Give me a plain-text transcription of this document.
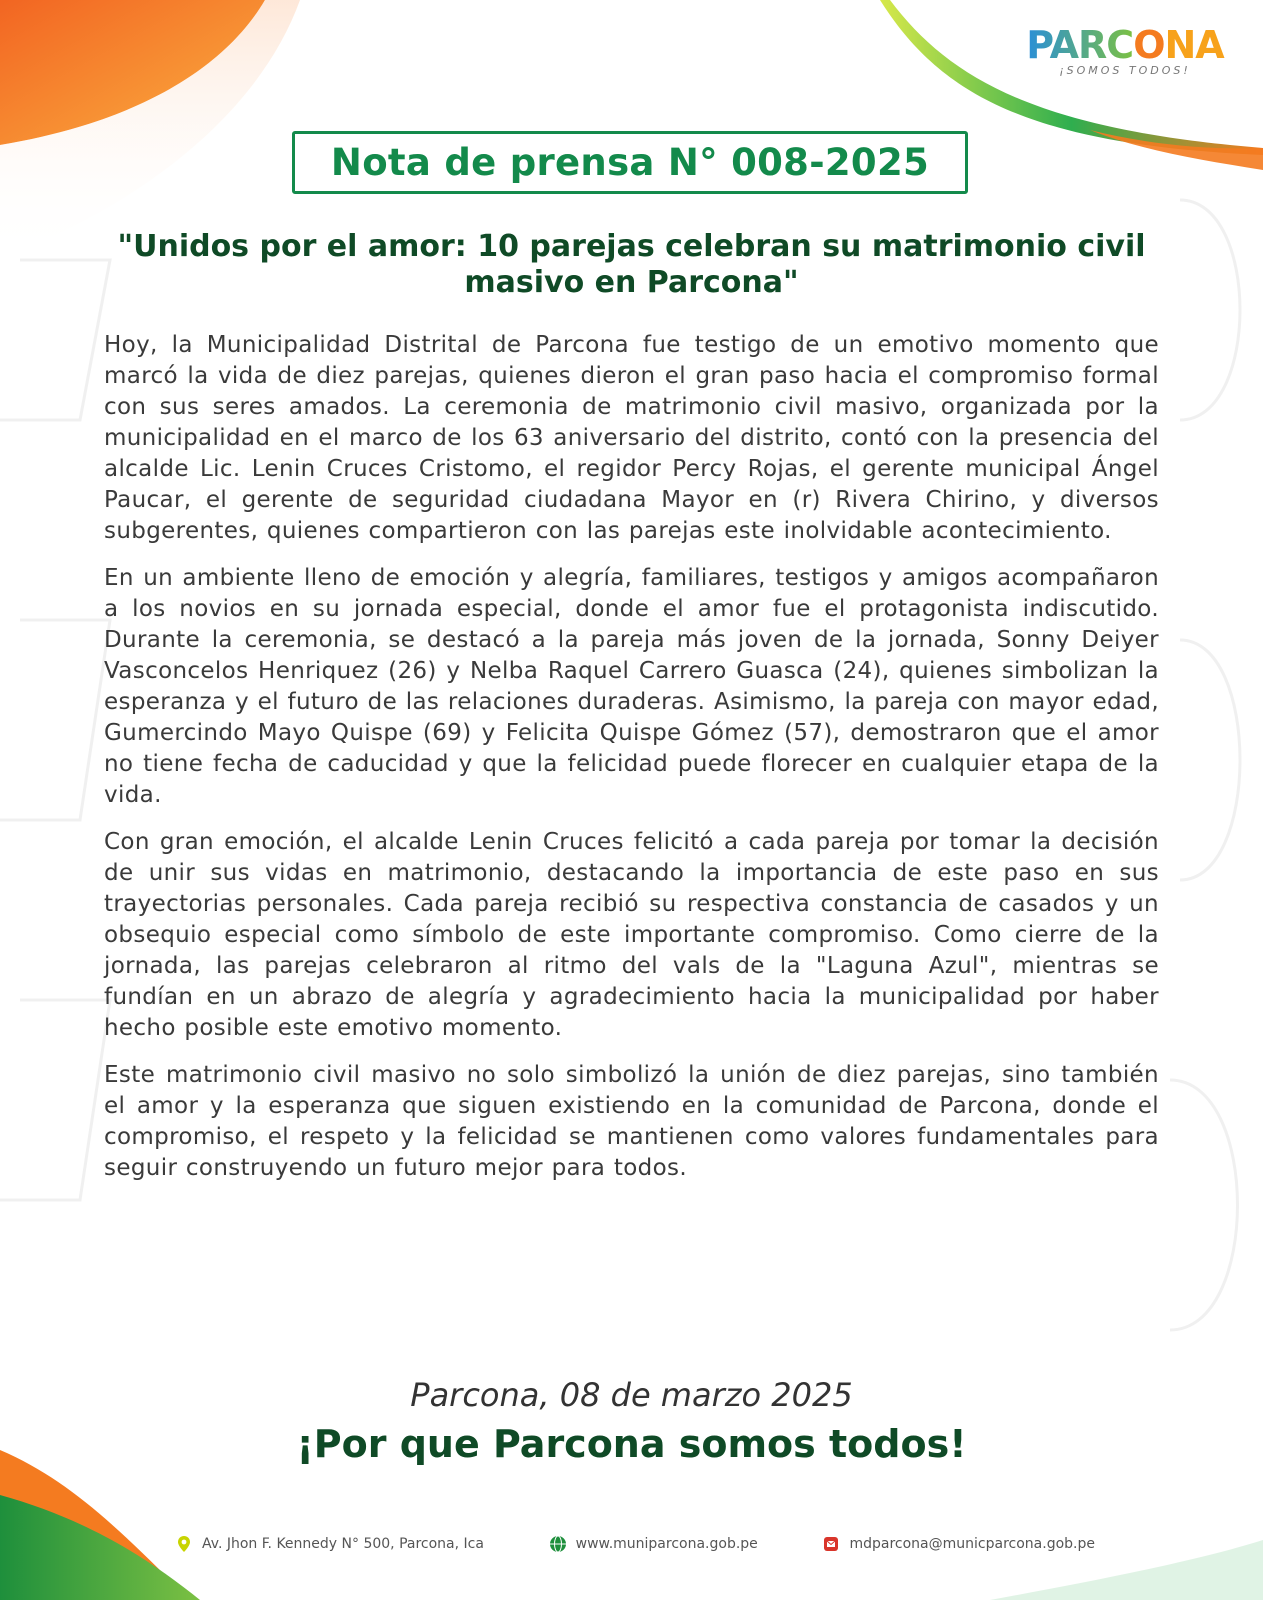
PARCONA
¡SOMOS TODOS!
Nota de prensa N° 008-2025
"Unidos por el amor: 10 parejas celebran su matrimonio civil masivo en Parcona"

Hoy, la Municipalidad Distrital de Parcona fue testigo de un emotivo momento que marcó la vida de diez parejas, quienes dieron el gran paso hacia el compromiso formal con sus seres amados. La ceremonia de matrimonio civil masivo, organizada por la municipalidad en el marco de los 63 aniversario del distrito, contó con la presencia del alcalde Lic. Lenin Cruces Cristomo, el regidor Percy Rojas, el gerente municipal Ángel Paucar, el gerente de seguridad ciudadana Mayor en (r) Rivera Chirino, y diversos subgerentes, quienes compartieron con las parejas este inolvidable acontecimiento.

En un ambiente lleno de emoción y alegría, familiares, testigos y amigos acompañaron a los novios en su jornada especial, donde el amor fue el protagonista indiscutido. Durante la ceremonia, se destacó a la pareja más joven de la jornada, Sonny Deiyer Vasconcelos Henriquez (26) y Nelba Raquel Carrero Guasca (24), quienes simbolizan la esperanza y el futuro de las relaciones duraderas. Asimismo, la pareja con mayor edad, Gumercindo Mayo Quispe (69) y Felicita Quispe Gómez (57), demostraron que el amor no tiene fecha de caducidad y que la felicidad puede florecer en cualquier etapa de la vida.

Con gran emoción, el alcalde Lenin Cruces felicitó a cada pareja por tomar la decisión de unir sus vidas en matrimonio, destacando la importancia de este paso en sus trayectorias personales. Cada pareja recibió su respectiva constancia de casados y un obsequio especial como símbolo de este importante compromiso. Como cierre de la jornada, las parejas celebraron al ritmo del vals de la "Laguna Azul", mientras se fundían en un abrazo de alegría y agradecimiento hacia la municipalidad por haber hecho posible este emotivo momento.

Este matrimonio civil masivo no solo simbolizó la unión de diez parejas, sino también el amor y la esperanza que siguen existiendo en la comunidad de Parcona, donde el compromiso, el respeto y la felicidad se mantienen como valores fundamentales para seguir construyendo un futuro mejor para todos.

Parcona, 08 de marzo 2025

¡Por que Parcona somos todos!

Av. Jhon F. Kennedy N° 500, Parcona, Ica	www.muniparcona.gob.pe	mdparcona@municparcona.gob.pe
